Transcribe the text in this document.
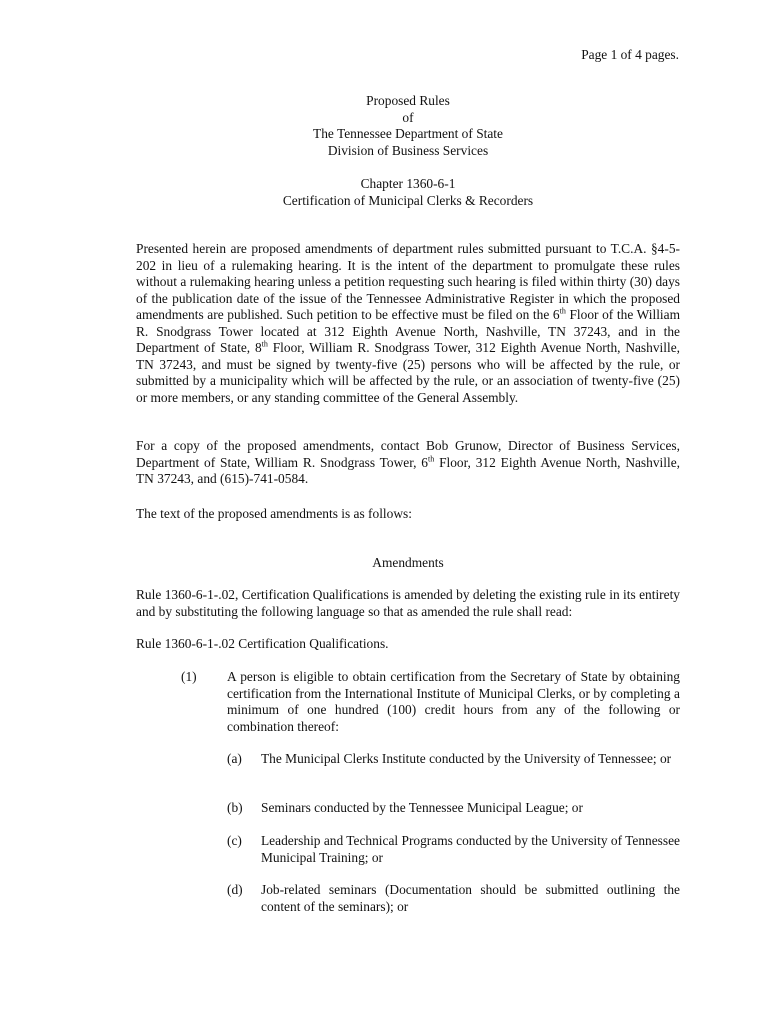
Page 1 of 4 pages.
Proposed Rules
of
The Tennessee Department of State
Division of Business Services
Chapter 1360-6-1
Certification of Municipal Clerks & Recorders

Presented herein are proposed amendments of department rules submitted pursuant to T.C.A. §4-5-202 in lieu of a rulemaking hearing. It is the intent of the department to promulgate these rules without a rulemaking hearing unless a petition requesting such hearing is filed within thirty (30) days of the publication date of the issue of the Tennessee Administrative Register in which the proposed amendments are published. Such petition to be effective must be filed on the 6th Floor of the William R. Snodgrass Tower located at 312 Eighth Avenue North, Nashville, TN 37243, and in the Department of State, 8th Floor, William R. Snodgrass Tower, 312 Eighth Avenue North, Nashville, TN 37243, and must be signed by twenty-five (25) persons who will be affected by the rule, or submitted by a municipality which will be affected by the rule, or an association of twenty-five (25) or more members, or any standing committee of the General Assembly.

For a copy of the proposed amendments, contact Bob Grunow, Director of Business Services, Department of State, William R. Snodgrass Tower, 6th Floor, 312 Eighth Avenue North, Nashville, TN 37243, and (615)-741-0584.

The text of the proposed amendments is as follows:

Amendments

Rule 1360-6-1-.02, Certification Qualifications is amended by deleting the existing rule in its entirety and by substituting the following language so that as amended the rule shall read:

Rule 1360-6-1-.02 Certification Qualifications.

(1)	A person is eligible to obtain certification from the Secretary of State by obtaining certification from the International Institute of Municipal Clerks, or by completing a minimum of one hundred (100) credit hours from any of the following or combination thereof:
(a)	The Municipal Clerks Institute conducted by the University of Tennessee; or
(b)	Seminars conducted by the Tennessee Municipal League; or
(c)	Leadership and Technical Programs conducted by the University of Tennessee Municipal Training; or
(d)	Job-related seminars (Documentation should be submitted outlining the content of the seminars); or
